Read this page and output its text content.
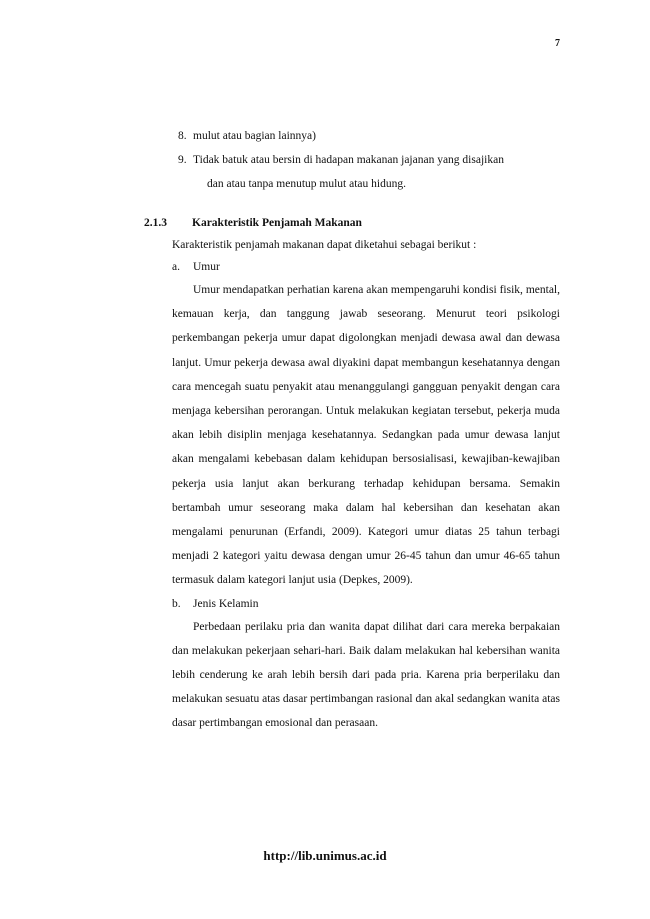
7
8. mulut atau bagian lainnya)
9. Tidak batuk atau bersin di hadapan makanan jajanan yang disajikan
dan atau tanpa menutup mulut atau hidung.
2.1.3	Karakteristik Penjamah Makanan
Karakteristik penjamah makanan dapat diketahui sebagai berikut :
a.	Umur
Umur mendapatkan perhatian karena akan mempengaruhi kondisi fisik, mental, kemauan kerja, dan tanggung jawab seseorang. Menurut teori psikologi perkembangan pekerja umur dapat digolongkan menjadi dewasa awal dan dewasa lanjut. Umur pekerja dewasa awal diyakini dapat membangun kesehatannya dengan cara mencegah suatu penyakit atau menanggulangi gangguan penyakit dengan cara menjaga kebersihan perorangan. Untuk melakukan kegiatan tersebut, pekerja muda akan lebih disiplin menjaga kesehatannya. Sedangkan pada umur dewasa lanjut akan mengalami kebebasan dalam kehidupan bersosialisasi, kewajiban-kewajiban pekerja usia lanjut akan berkurang terhadap kehidupan bersama. Semakin bertambah umur seseorang maka dalam hal kebersihan dan kesehatan akan mengalami penurunan (Erfandi, 2009). Kategori umur diatas 25 tahun terbagi menjadi 2 kategori yaitu dewasa dengan umur 26-45 tahun dan umur 46-65 tahun termasuk dalam kategori lanjut usia (Depkes, 2009).
b.	Jenis Kelamin
Perbedaan perilaku pria dan wanita dapat dilihat dari cara mereka berpakaian dan melakukan pekerjaan sehari-hari. Baik dalam melakukan hal kebersihan wanita lebih cenderung ke arah lebih bersih dari pada pria. Karena pria berperilaku dan melakukan sesuatu atas dasar pertimbangan rasional dan akal sedangkan wanita atas dasar pertimbangan emosional dan perasaan.
http://lib.unimus.ac.id
